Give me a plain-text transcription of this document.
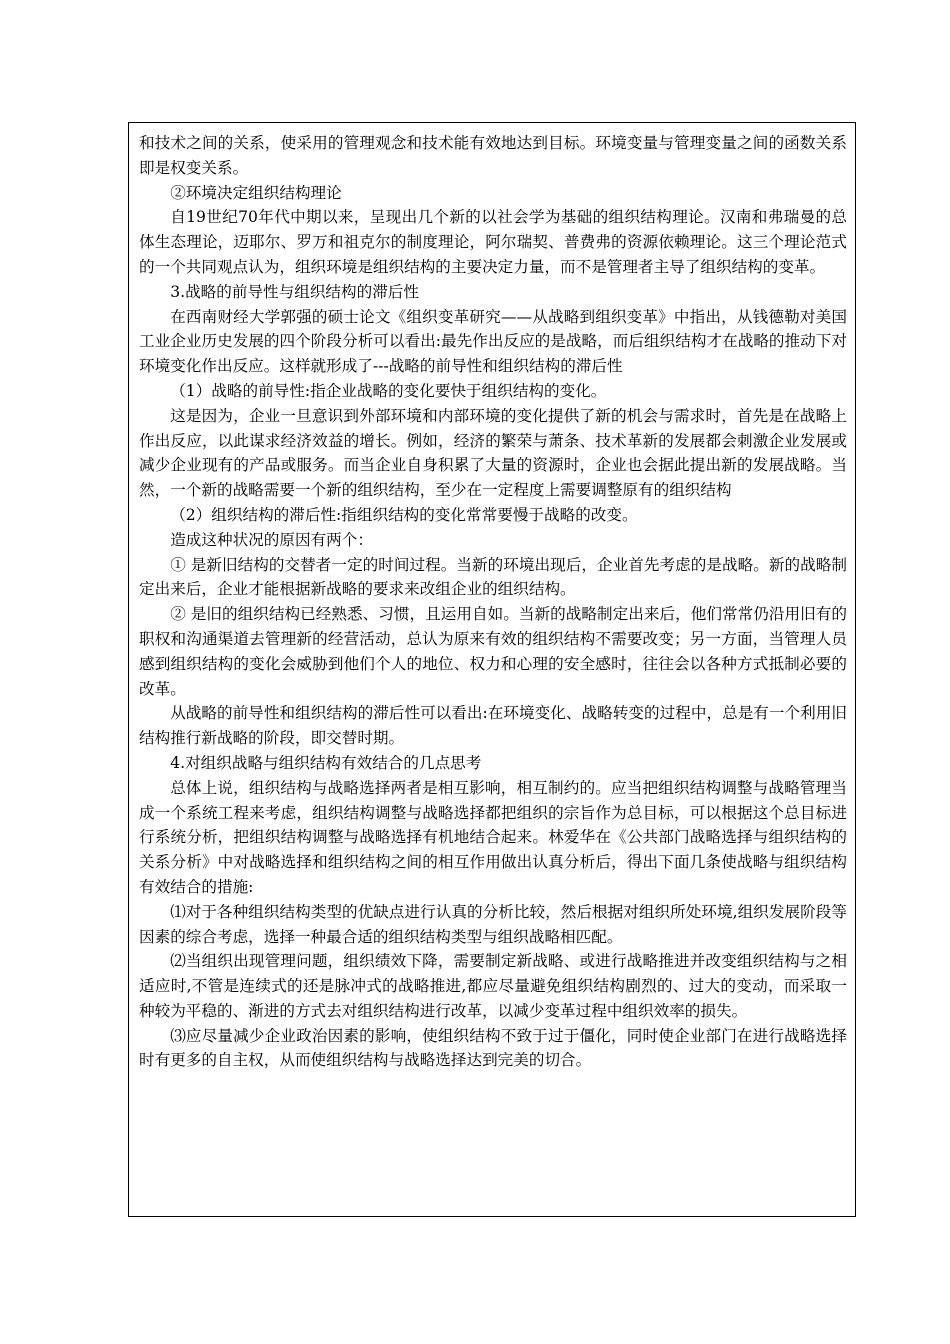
和技术之间的关系，使采用的管理观念和技术能有效地达到目标。环境变量与管理变量之间的函数关系即是权变关系。

②环境决定组织结构理论

自19世纪70年代中期以来，呈现出几个新的以社会学为基础的组织结构理论。汉南和弗瑞曼的总体生态理论，迈耶尔、罗万和祖克尔的制度理论，阿尔瑞契、普费弗的资源依赖理论。这三个理论范式的一个共同观点认为，组织环境是组织结构的主要决定力量，而不是管理者主导了组织结构的变革。

3.战略的前导性与组织结构的滞后性

在西南财经大学郭强的硕士论文《组织变革研究——从战略到组织变革》中指出，从钱德勒对美国工业企业历史发展的四个阶段分析可以看出:最先作出反应的是战略，而后组织结构才在战略的推动下对环境变化作出反应。这样就形成了---战略的前导性和组织结构的滞后性

（1）战略的前导性:指企业战略的变化要快于组织结构的变化。

这是因为，企业一旦意识到外部环境和内部环境的变化提供了新的机会与需求时，首先是在战略上作出反应，以此谋求经济效益的增长。例如，经济的繁荣与萧条、技术革新的发展都会刺激企业发展或减少企业现有的产品或服务。而当企业自身积累了大量的资源时，企业也会据此提出新的发展战略。当然，一个新的战略需要一个新的组织结构，至少在一定程度上需要调整原有的组织结构

（2）组织结构的滞后性:指组织结构的变化常常要慢于战略的改变。

造成这种状况的原因有两个：

① 是新旧结构的交替者一定的时间过程。当新的环境出现后，企业首先考虑的是战略。新的战略制定出来后，企业才能根据新战略的要求来改组企业的组织结构。

② 是旧的组织结构已经熟悉、习惯，且运用自如。当新的战略制定出来后，他们常常仍沿用旧有的职权和沟通渠道去管理新的经营活动，总认为原来有效的组织结构不需要改变；另一方面，当管理人员感到组织结构的变化会威胁到他们个人的地位、权力和心理的安全感时，往往会以各种方式抵制必要的改革。

从战略的前导性和组织结构的滞后性可以看出:在环境变化、战略转变的过程中，总是有一个利用旧结构推行新战略的阶段，即交替时期。

4.对组织战略与组织结构有效结合的几点思考

总体上说，组织结构与战略选择两者是相互影响，相互制约的。应当把组织结构调整与战略管理当成一个系统工程来考虑，组织结构调整与战略选择都把组织的宗旨作为总目标，可以根据这个总目标进行系统分析，把组织结构调整与战略选择有机地结合起来。林爱华在《公共部门战略选择与组织结构的关系分析》中对战略选择和组织结构之间的相互作用做出认真分析后，得出下面几条使战略与组织结构有效结合的措施:

⑴对于各种组织结构类型的优缺点进行认真的分析比较，然后根据对组织所处环境,组织发展阶段等因素的综合考虑，选择一种最合适的组织结构类型与组织战略相匹配。

⑵当组织出现管理问题，组织绩效下降，需要制定新战略、或进行战略推进并改变组织结构与之相适应时,不管是连续式的还是脉冲式的战略推进,都应尽量避免组织结构剧烈的、过大的变动，而采取一种较为平稳的、渐进的方式去对组织结构进行改革，以减少变革过程中组织效率的损失。

⑶应尽量减少企业政治因素的影响，使组织结构不致于过于僵化，同时使企业部门在进行战略选择时有更多的自主权，从而使组织结构与战略选择达到完美的切合。
